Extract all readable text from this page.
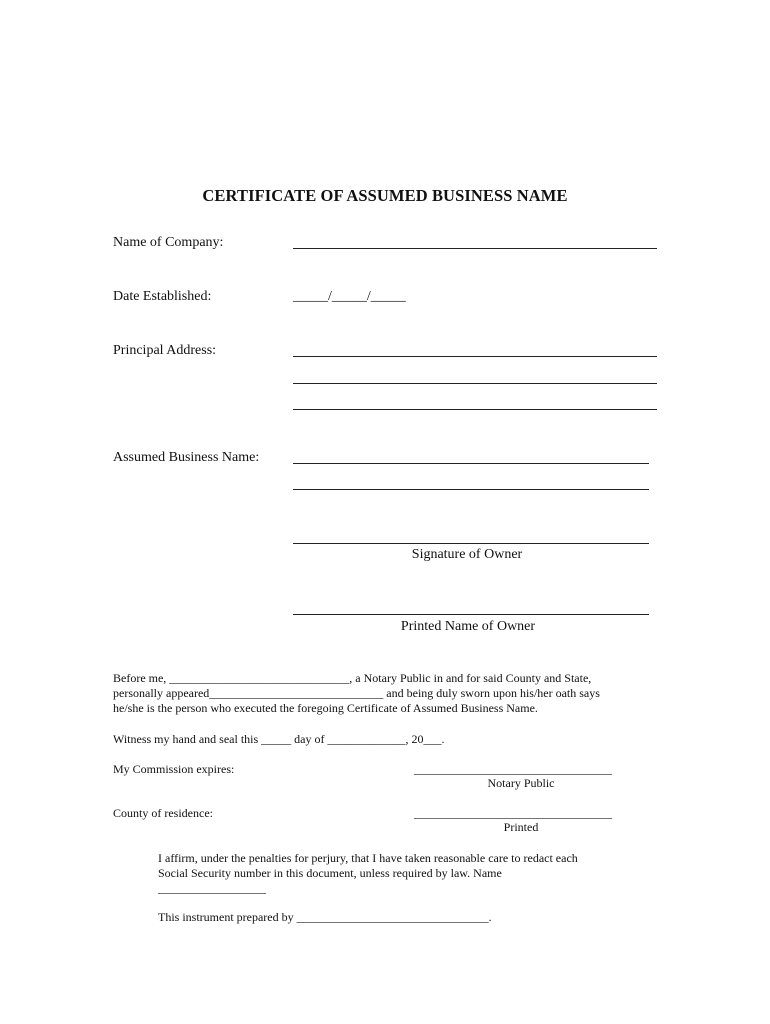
CERTIFICATE OF ASSUMED BUSINESS NAME
Name of Company:
Date Established:	_____/_____/_____
Principal Address:
Assumed Business Name:
Signature of Owner
Printed Name of Owner
Before me, ______________________________, a Notary Public in and for said County and State,
personally appeared_____________________________ and being duly sworn upon his/her oath says
he/she is the person who executed the foregoing Certificate of Assumed Business Name.
Witness my hand and seal this _____ day of _____________, 20___.
My Commission expires:	_________________________________
Notary Public
County of residence:	_________________________________
Printed
I affirm, under the penalties for perjury, that I have taken reasonable care to redact each
Social Security number in this document, unless required by law. Name
__________________
This instrument prepared by ________________________________.
